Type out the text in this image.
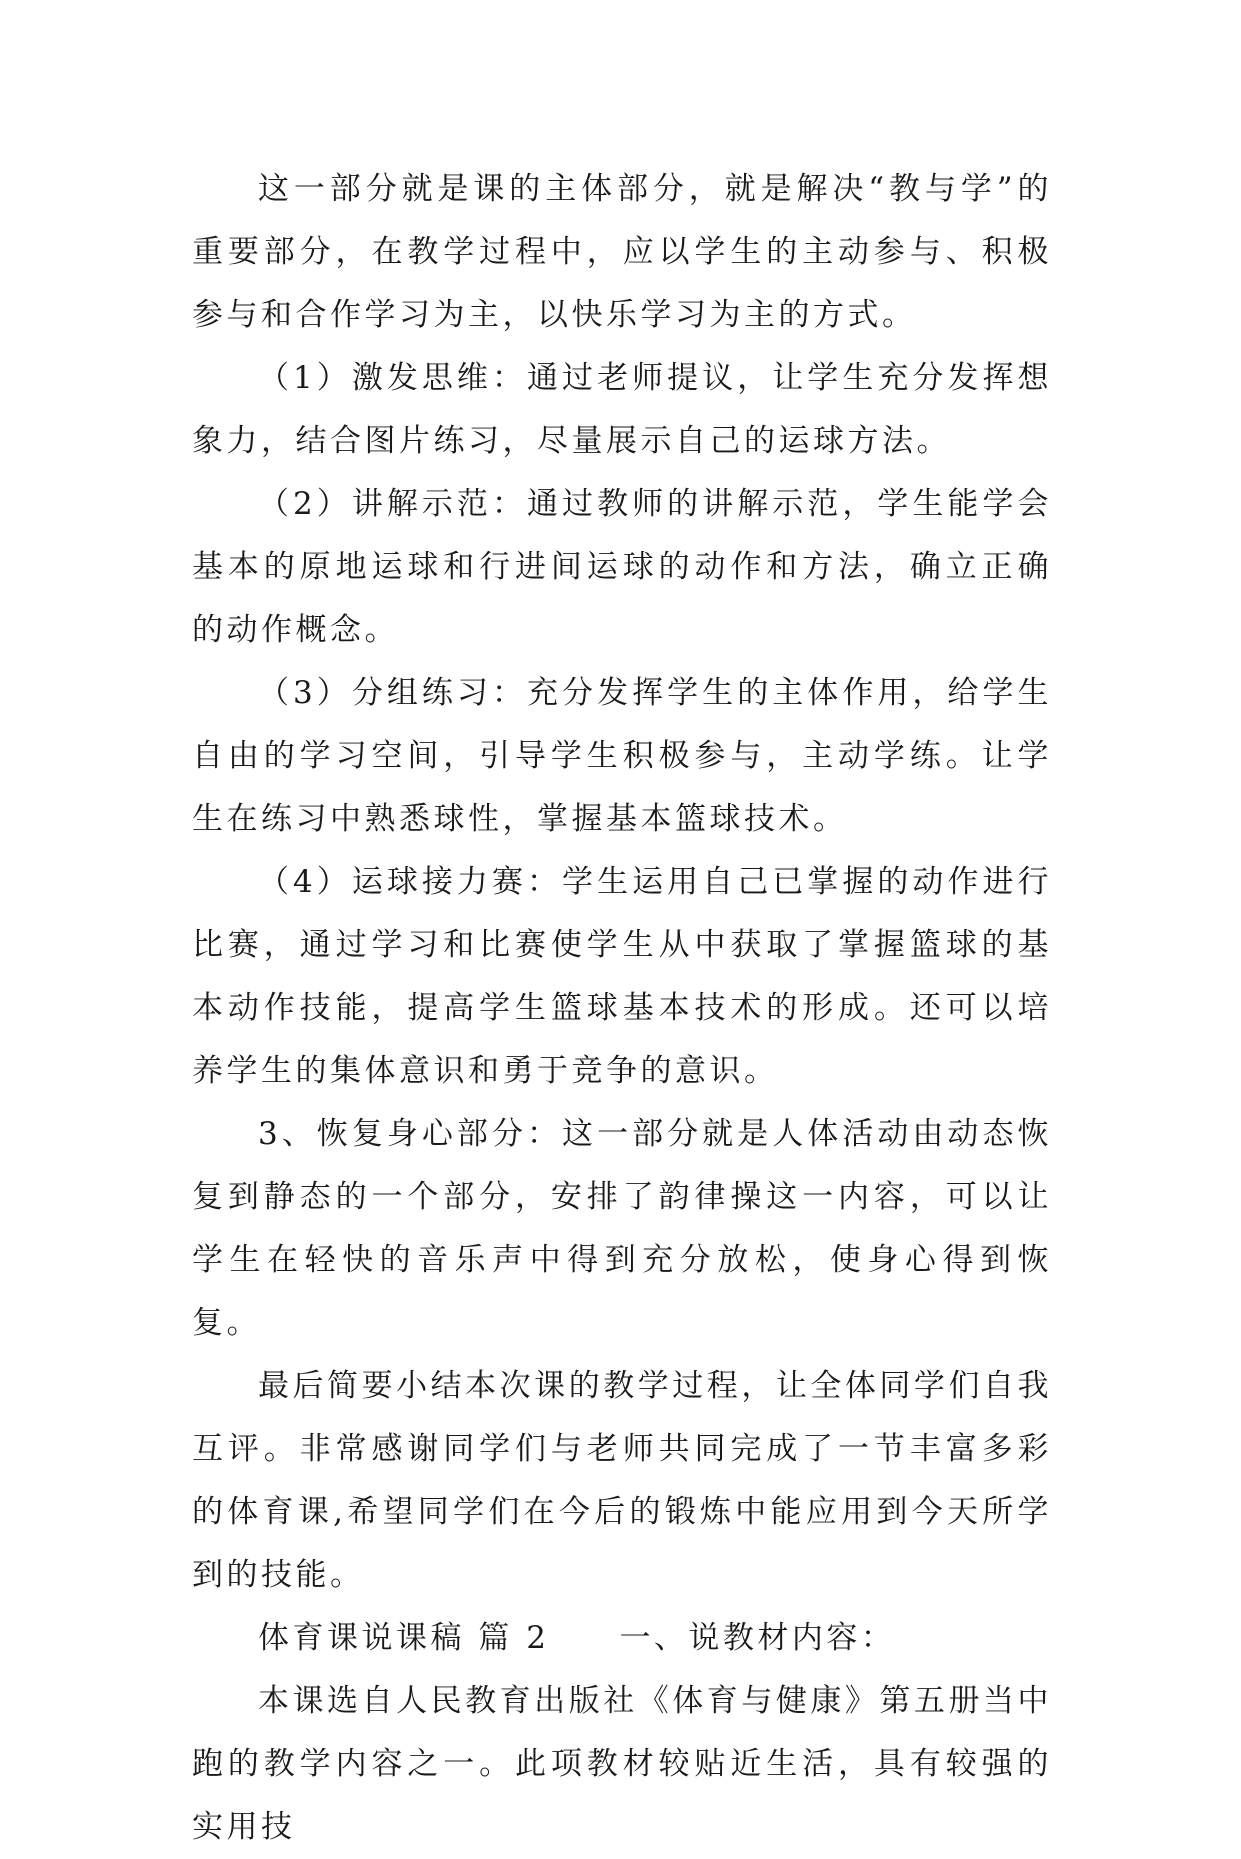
这一部分就是课的主体部分，就是解决“教与学”的重要部分，在教学过程中，应以学生的主动参与、积极参与和合作学习为主，以快乐学习为主的方式。

（1）激发思维：通过老师提议，让学生充分发挥想象力，结合图片练习，尽量展示自己的运球方法。

（2）讲解示范：通过教师的讲解示范，学生能学会基本的原地运球和行进间运球的动作和方法，确立正确的动作概念。

（3）分组练习：充分发挥学生的主体作用，给学生自由的学习空间，引导学生积极参与，主动学练。让学生在练习中熟悉球性，掌握基本篮球技术。

（4）运球接力赛：学生运用自己已掌握的动作进行比赛，通过学习和比赛使学生从中获取了掌握篮球的基本动作技能，提高学生篮球基本技术的形成。还可以培养学生的集体意识和勇于竞争的意识。

3、恢复身心部分：这一部分就是人体活动由动态恢复到静态的一个部分，安排了韵律操这一内容，可以让学生在轻快的音乐声中得到充分放松，使身心得到恢复。

最后简要小结本次课的教学过程，让全体同学们自我互评。非常感谢同学们与老师共同完成了一节丰富多彩的体育课,希望同学们在今后的锻炼中能应用到今天所学到的技能。

体育课说课稿 篇 2 一、说教材内容：

本课选自人民教育出版社《体育与健康》第五册当中跑的教学内容之一。此项教材较贴近生活，具有较强的实用技
